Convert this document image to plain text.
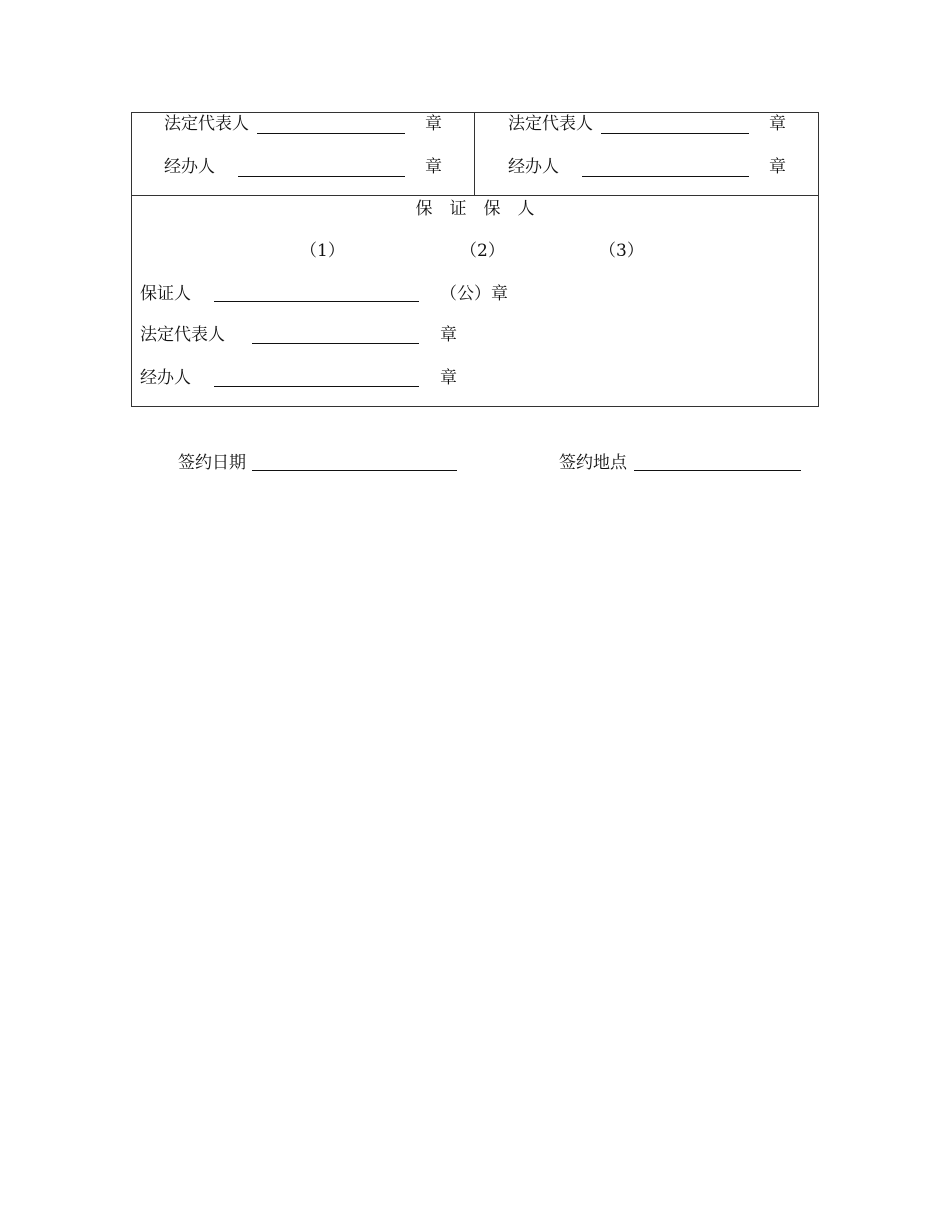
法定代表人	章
经办人	章
法定代表人	章
经办人	章
保　证　保　人
（1）	（2）	（3）
保证人	（公）章
法定代表人	章
经办人	章
签约日期	签约地点
